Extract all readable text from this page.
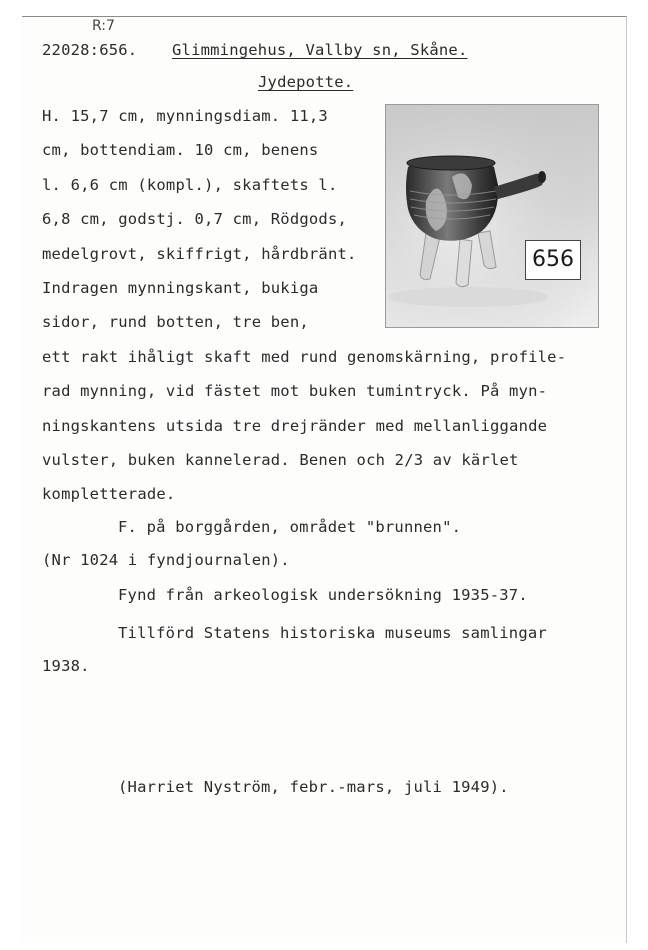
R:7
22028:656. Glimmingehus, Vallby sn, Skåne.
Jydepotte.
H. 15,7 cm, mynningsdiam. 11,3
cm, bottendiam. 10 cm, benens
l. 6,6 cm (kompl.), skaftets l.
6,8 cm, godstj. 0,7 cm, Rödgods,
medelgrovt, skiffrigt, hårdbränt.
Indragen mynningskant, bukiga
sidor, rund botten, tre ben,
ett rakt ihåligt skaft med rund genomskärning, profile-
rad mynning, vid fästet mot buken tumintryck. På myn-
ningskantens utsida tre drejränder med mellanliggande
vulster, buken kannelerad. Benen och 2/3 av kärlet
kompletterade.
656
F. på borggården, området "brunnen".
(Nr 1024 i fyndjournalen).
Fynd från arkeologisk undersökning 1935-37.
Tillförd Statens historiska museums samlingar
1938.
(Harriet Nyström, febr.-mars, juli 1949).
